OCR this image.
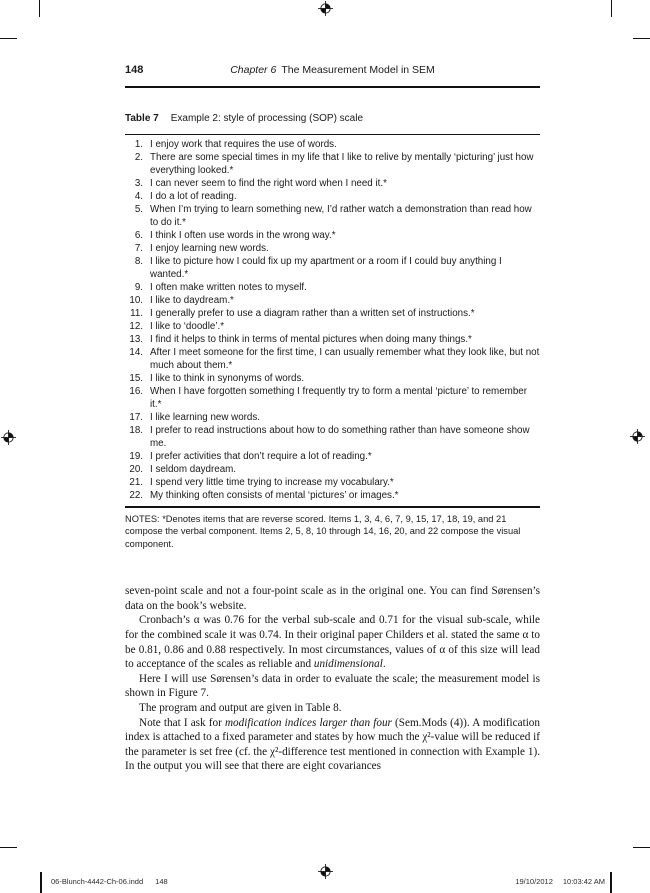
148	Chapter 6 The Measurement Model in SEM
Table 7 Example 2: style of processing (SOP) scale
1. I enjoy work that requires the use of words.
2. There are some special times in my life that I like to relive by mentally ‘picturing’ just how everything looked.*
3. I can never seem to find the right word when I need it.*
4. I do a lot of reading.
5. When I’m trying to learn something new, I’d rather watch a demonstration than read how to do it.*
6. I think I often use words in the wrong way.*
7. I enjoy learning new words.
8. I like to picture how I could fix up my apartment or a room if I could buy anything I wanted.*
9. I often make written notes to myself.
10. I like to daydream.*
11. I generally prefer to use a diagram rather than a written set of instructions.*
12. I like to ‘doodle’.*
13. I find it helps to think in terms of mental pictures when doing many things.*
14. After I meet someone for the first time, I can usually remember what they look like, but not much about them.*
15. I like to think in synonyms of words.
16. When I have forgotten something I frequently try to form a mental ‘picture’ to remember it.*
17. I like learning new words.
18. I prefer to read instructions about how to do something rather than have someone show me.
19. I prefer activities that don’t require a lot of reading.*
20. I seldom daydream.
21. I spend very little time trying to increase my vocabulary.*
22. My thinking often consists of mental ‘pictures’ or images.*
NOTES: *Denotes items that are reverse scored. Items 1, 3, 4, 6, 7, 9, 15, 17, 18, 19, and 21 compose the verbal component. Items 2, 5, 8, 10 through 14, 16, 20, and 22 compose the visual component.

seven-point scale and not a four-point scale as in the original one. You can find Sørensen’s data on the book’s website.

Cronbach’s α was 0.76 for the verbal sub-scale and 0.71 for the visual sub-scale, while for the combined scale it was 0.74. In their original paper Childers et al. stated the same α to be 0.81, 0.86 and 0.88 respectively. In most circumstances, values of α of this size will lead to acceptance of the scales as reliable and unidimensional.

Here I will use Sørensen’s data in order to evaluate the scale; the measurement model is shown in Figure 7.

The program and output are given in Table 8.

Note that I ask for modification indices larger than four (Sem.Mods (4)). A modification index is attached to a fixed parameter and states by how much the χ²-value will be reduced if the parameter is set free (cf. the χ²-difference test mentioned in connection with Example 1). In the output you will see that there are eight covariances

06-Blunch-4442-Ch-06.indd 148	19/10/2012 10:03:42 AM
